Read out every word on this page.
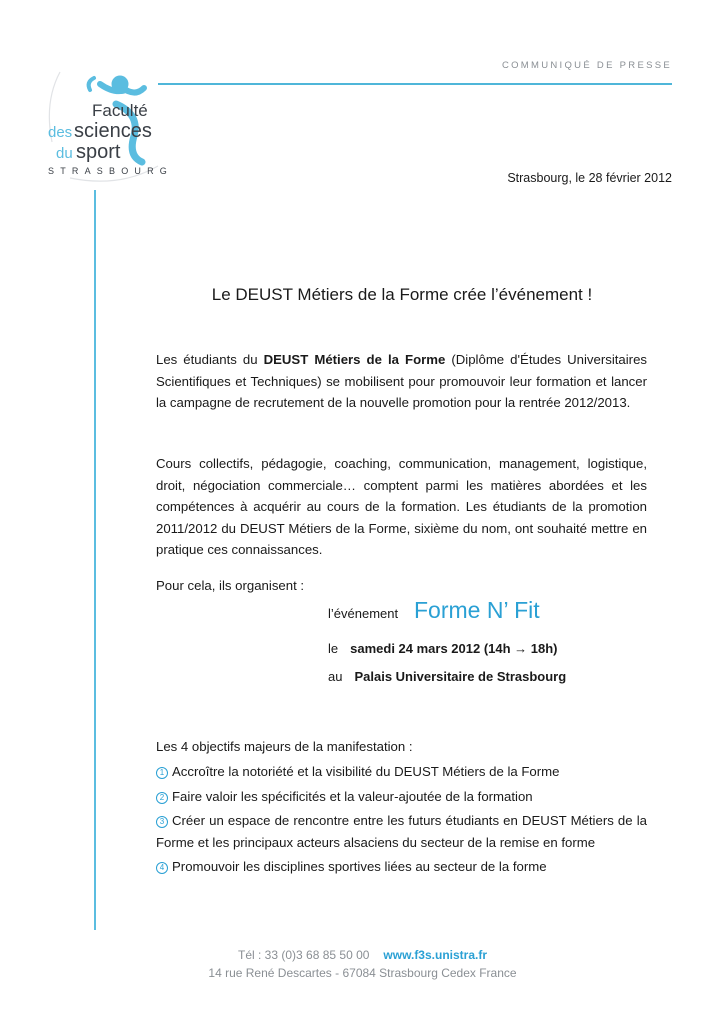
COMMUNIQUÉ DE PRESSE
Faculté
des sciences
du sport
STRASBOURG	Strasbourg, le 28 février 2012
Le DEUST Métiers de la Forme crée l’événement !
Les étudiants du DEUST Métiers de la Forme (Diplôme d'Études Universitaires Scientifiques et Techniques) se mobilisent pour promouvoir leur formation et lancer la campagne de recrutement de la nouvelle promotion pour la rentrée 2012/2013.
Cours collectifs, pédagogie, coaching, communication, management, logistique, droit, négociation commerciale… comptent parmi les matières abordées et les compétences à acquérir au cours de la formation. Les étudiants de la promotion 2011/2012 du DEUST Métiers de la Forme, sixième du nom, ont souhaité mettre en pratique ces connaissances.
Pour cela, ils organisent :
l’événement Forme N’ Fit
le samedi 24 mars 2012 (14h → 18h)
au Palais Universitaire de Strasbourg
Les 4 objectifs majeurs de la manifestation :
1 Accroître la notoriété et la visibilité du DEUST Métiers de la Forme
2 Faire valoir les spécificités et la valeur-ajoutée de la formation
3 Créer un espace de rencontre entre les futurs étudiants en DEUST Métiers de la Forme et les principaux acteurs alsaciens du secteur de la remise en forme
4 Promouvoir les disciplines sportives liées au secteur de la forme
Tél : 33 (0)3 68 85 50 00 www.f3s.unistra.fr
14 rue René Descartes - 67084 Strasbourg Cedex France
